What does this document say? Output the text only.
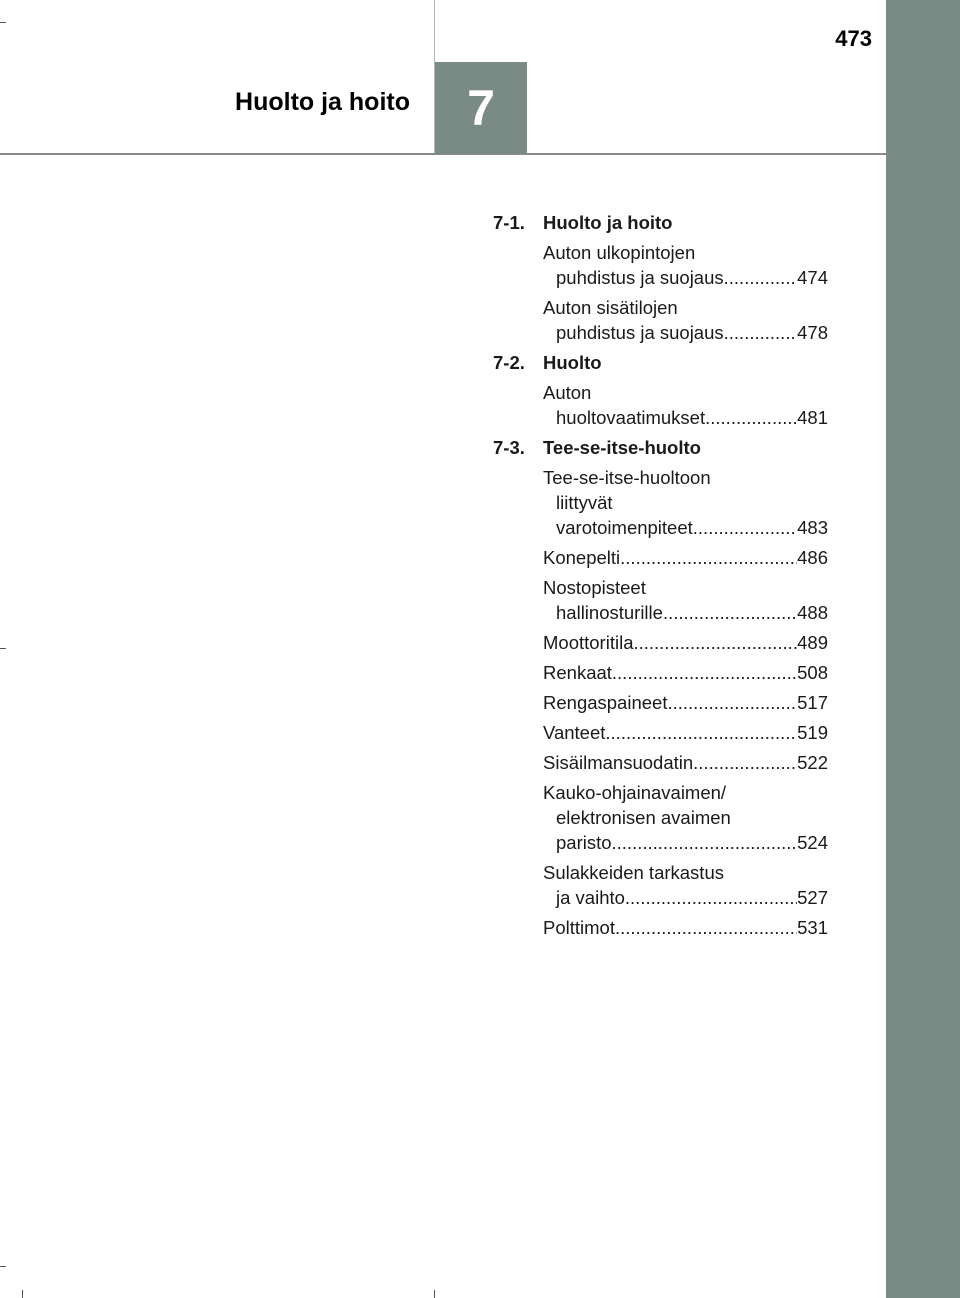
473
7
Huolto ja hoito
7-1. Huolto ja hoito
Auton ulkopintojen
puhdistus ja suojaus .....	474
Auton sisätilojen
puhdistus ja suojaus .....	478
7-2. Huolto
Auton
huoltovaatimukset .....	481
7-3. Tee-se-itse-huolto
Tee-se-itse-huoltoon
liittyvät
varotoimenpiteet .....	483
Konepelti .....	486
Nostopisteet
hallinosturille .....	488
Moottoritila .....	489
Renkaat .....	508
Rengaspaineet .....	517
Vanteet .....	519
Sisäilmansuodatin .....	522
Kauko-ohjainavaimen/
elektronisen avaimen
paristo .....	524
Sulakkeiden tarkastus
ja vaihto .....	527
Polttimot .....	531
